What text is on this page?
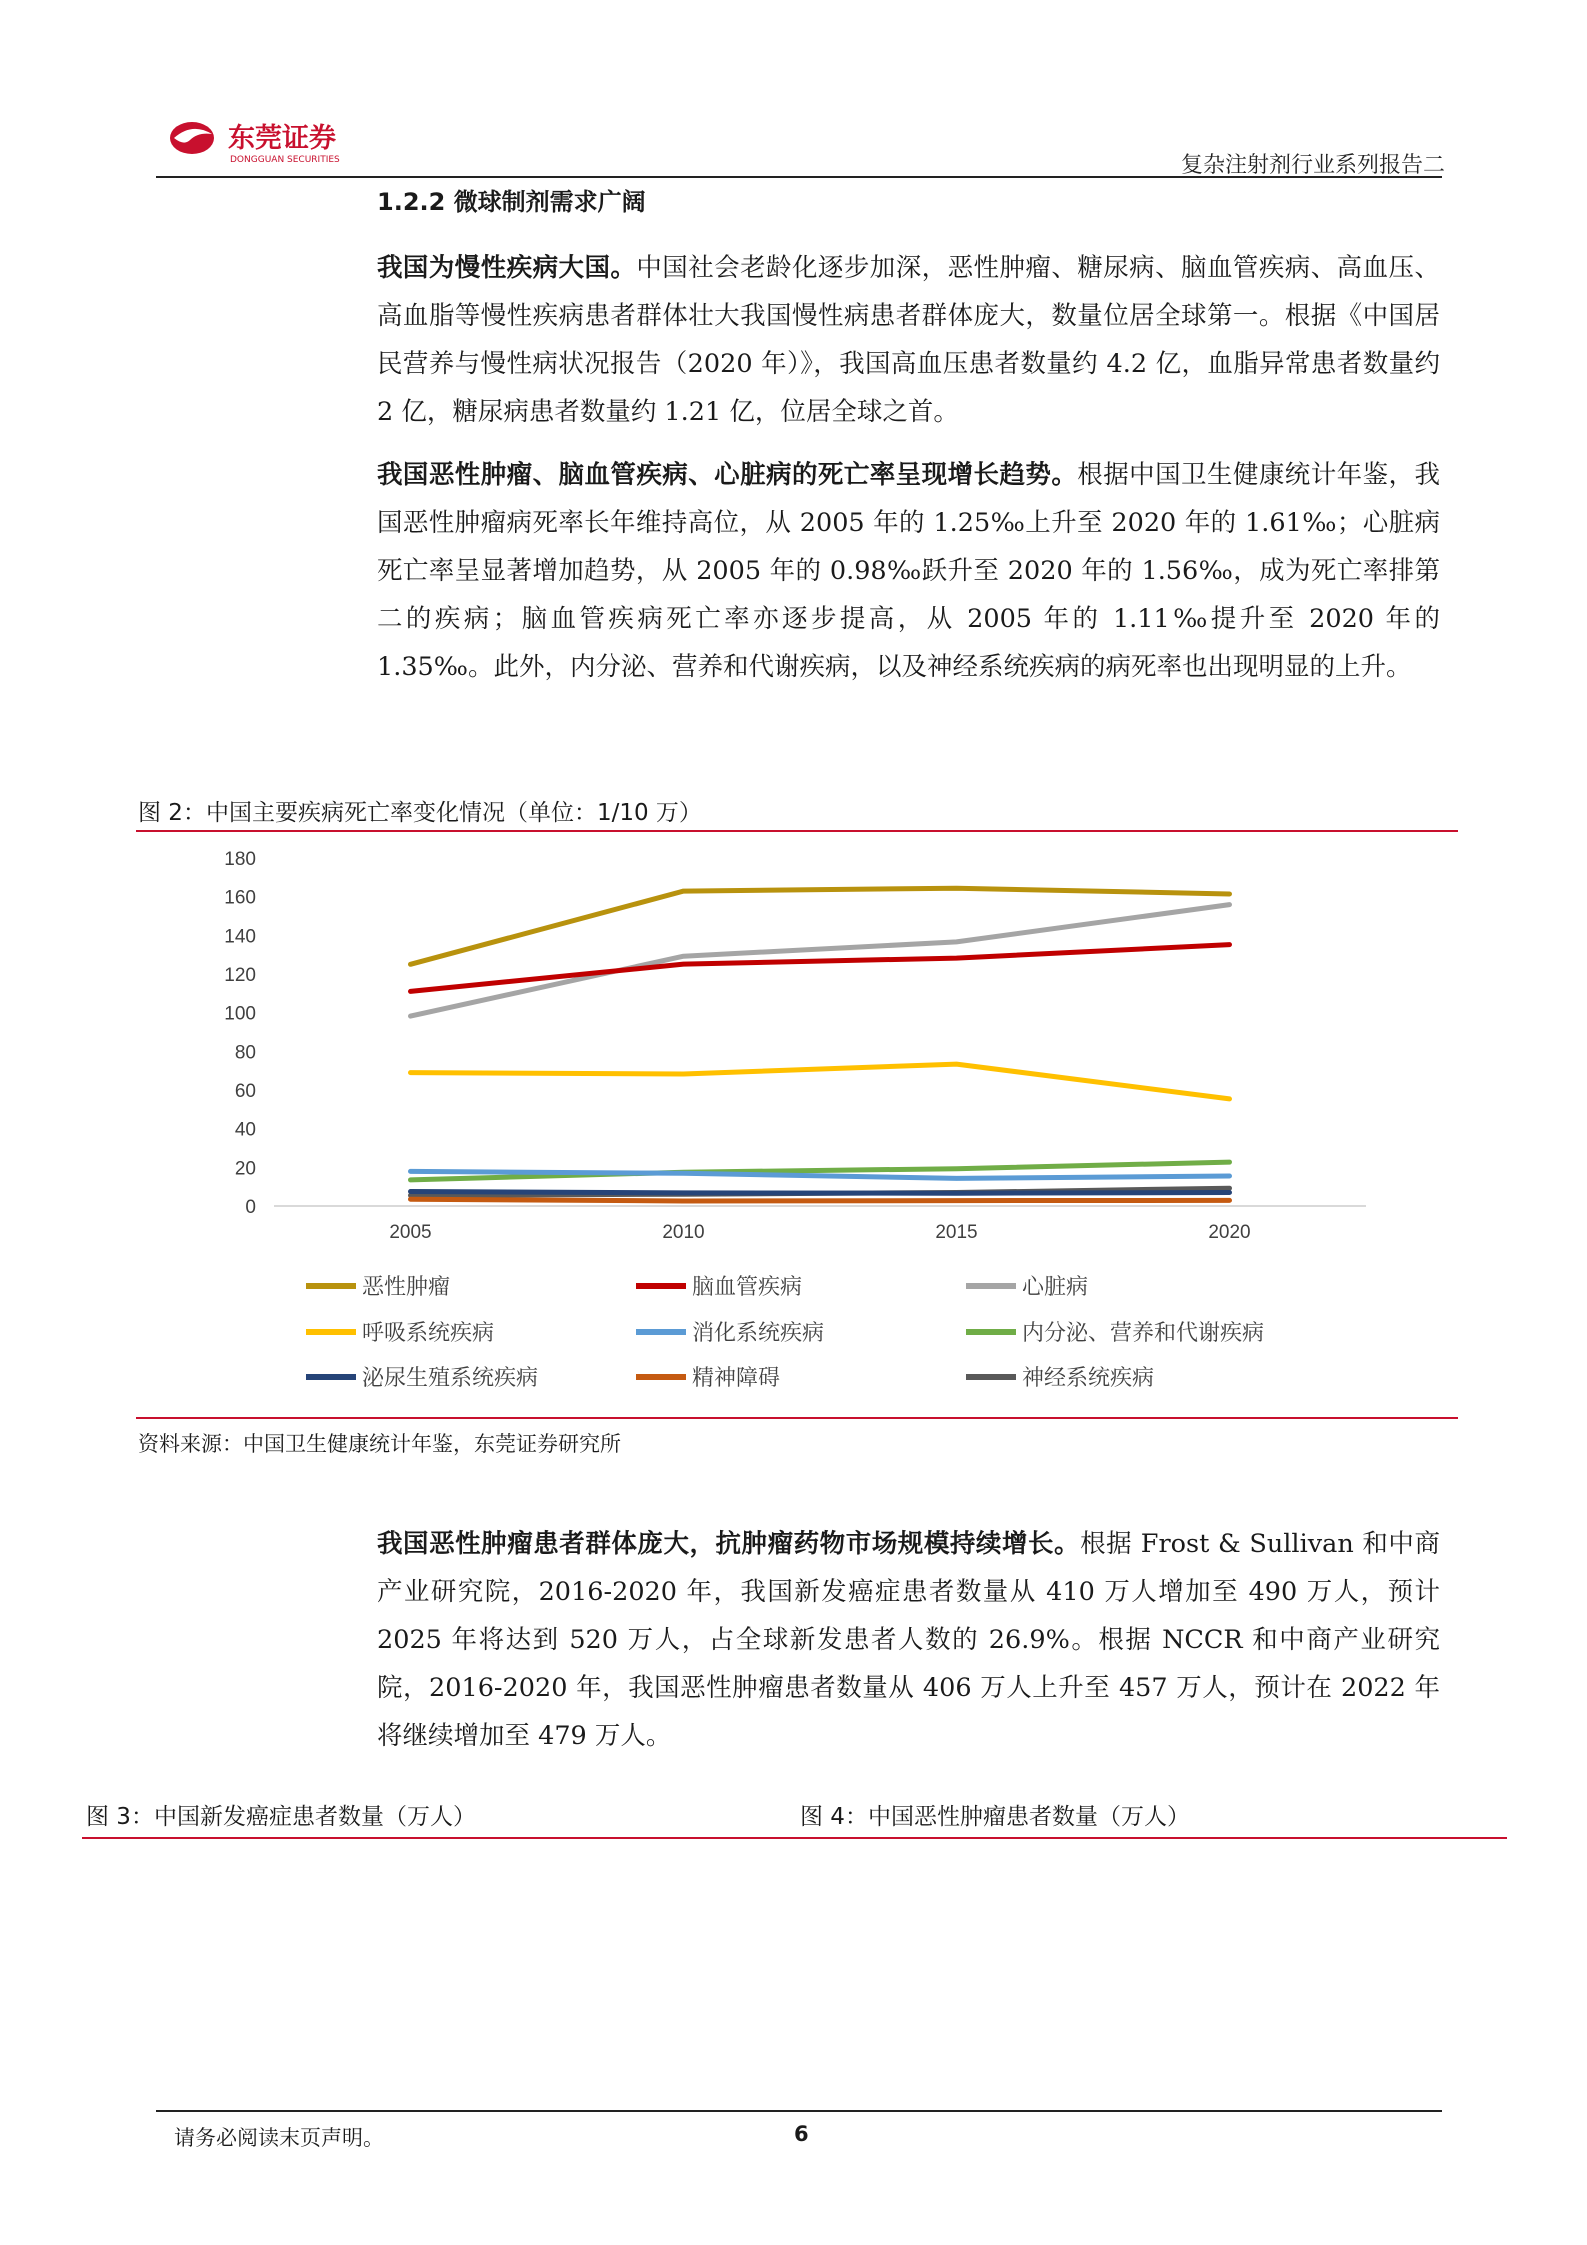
东莞证券
DONGGUAN SECURITIES	复杂注射剂行业系列报告二
1.2.2 微球制剂需求广阔

我国为慢性疾病大国。中国社会老龄化逐步加深，恶性肿瘤、糖尿病、脑血管疾病、高血压、高血脂等慢性疾病患者群体壮大我国慢性病患者群体庞大，数量位居全球第一。根据《中国居民营养与慢性病状况报告（2020 年）》，我国高血压患者数量约 4.2 亿，血脂异常患者数量约 2 亿，糖尿病患者数量约 1.21 亿，位居全球之首。

我国恶性肿瘤、脑血管疾病、心脏病的死亡率呈现增长趋势。根据中国卫生健康统计年鉴，我国恶性肿瘤病死率长年维持高位，从 2005 年的 1.25‰上升至 2020 年的 1.61‰；心脏病死亡率呈显著增加趋势，从 2005 年的 0.98‰跃升至 2020 年的 1.56‰，成为死亡率排第二的疾病；脑血管疾病死亡率亦逐步提高，从 2005 年的 1.11‰提升至 2020 年的 1.35‰。此外，内分泌、营养和代谢疾病，以及神经系统疾病的病死率也出现明显的上升。

图 2：中国主要疾病死亡率变化情况（单位：1/10 万）
0
20
40
60
80
100
120
140
160
180
2005	2010	2015	2020
恶性肿瘤	脑血管疾病	心脏病
呼吸系统疾病	消化系统疾病	内分泌、营养和代谢疾病
泌尿生殖系统疾病	精神障碍	神经系统疾病
资料来源：中国卫生健康统计年鉴，东莞证券研究所

我国恶性肿瘤患者群体庞大，抗肿瘤药物市场规模持续增长。根据 Frost & Sullivan 和中商产业研究院，2016-2020 年，我国新发癌症患者数量从 410 万人增加至 490 万人，预计 2025 年将达到 520 万人，占全球新发患者人数的 26.9%。根据 NCCR 和中商产业研究院，2016-2020 年，我国恶性肿瘤患者数量从 406 万人上升至 457 万人，预计在 2022 年将继续增加至 479 万人。

图 3：中国新发癌症患者数量（万人）	图 4：中国恶性肿瘤患者数量（万人）
请务必阅读末页声明。	6
